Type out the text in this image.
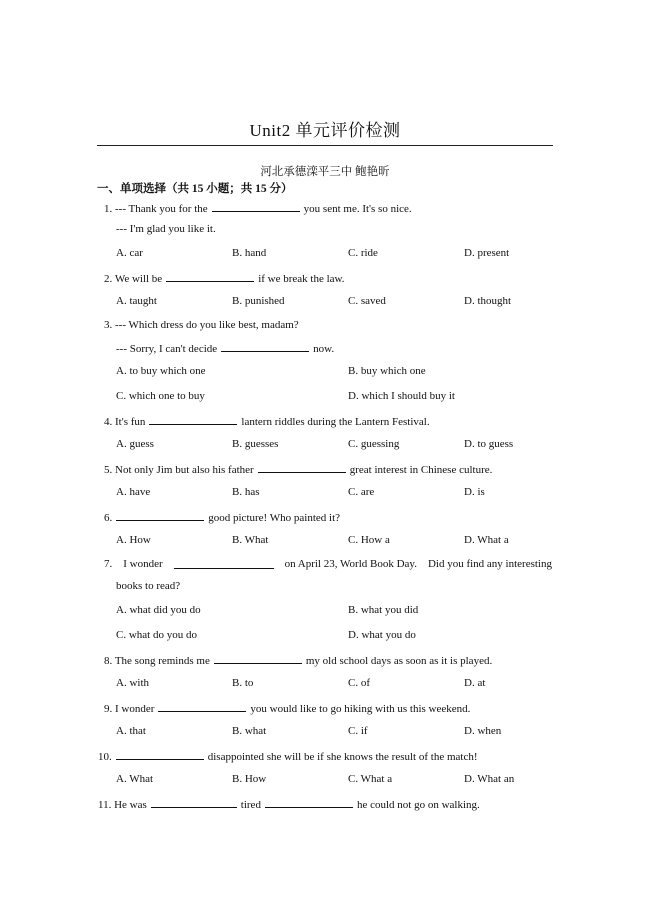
Unit2 单元评价检测
河北承德滦平三中 鲍艳昕
一、单项选择（共 15 小题；共 15 分）
1. --- Thank you for the	you sent me. It's so nice.
--- I'm glad you like it.
A. car	B. hand	C. ride	D. present
2. We will be	if we break the law.
A. taught	B. punished	C. saved	D. thought
3. --- Which dress do you like best, madam?
--- Sorry, I can't decide	now.
A. to buy which one	B. buy which one
C. which one to buy	D. which I should buy it
4. It's fun	lantern riddles during the Lantern Festival.
A. guess	B. guesses	C. guessing	D. to guess
5. Not only Jim but also his father	great interest in Chinese culture.
A. have	B. has	C. are	D. is
6.	good picture! Who painted it?
A. How	B. What	C. How a	D. What a
7. I wonder	on April 23, World Book Day. Did you find any interesting
books to read?
A. what did you do	B. what you did
C. what do you do	D. what you do
8. The song reminds me	my old school days as soon as it is played.
A. with	B. to	C. of	D. at
9. I wonder	you would like to go hiking with us this weekend.
A. that	B. what	C. if	D. when
10.	disappointed she will be if she knows the result of the match!
A. What	B. How	C. What a	D. What an
11. He was	tired	he could not go on walking.
